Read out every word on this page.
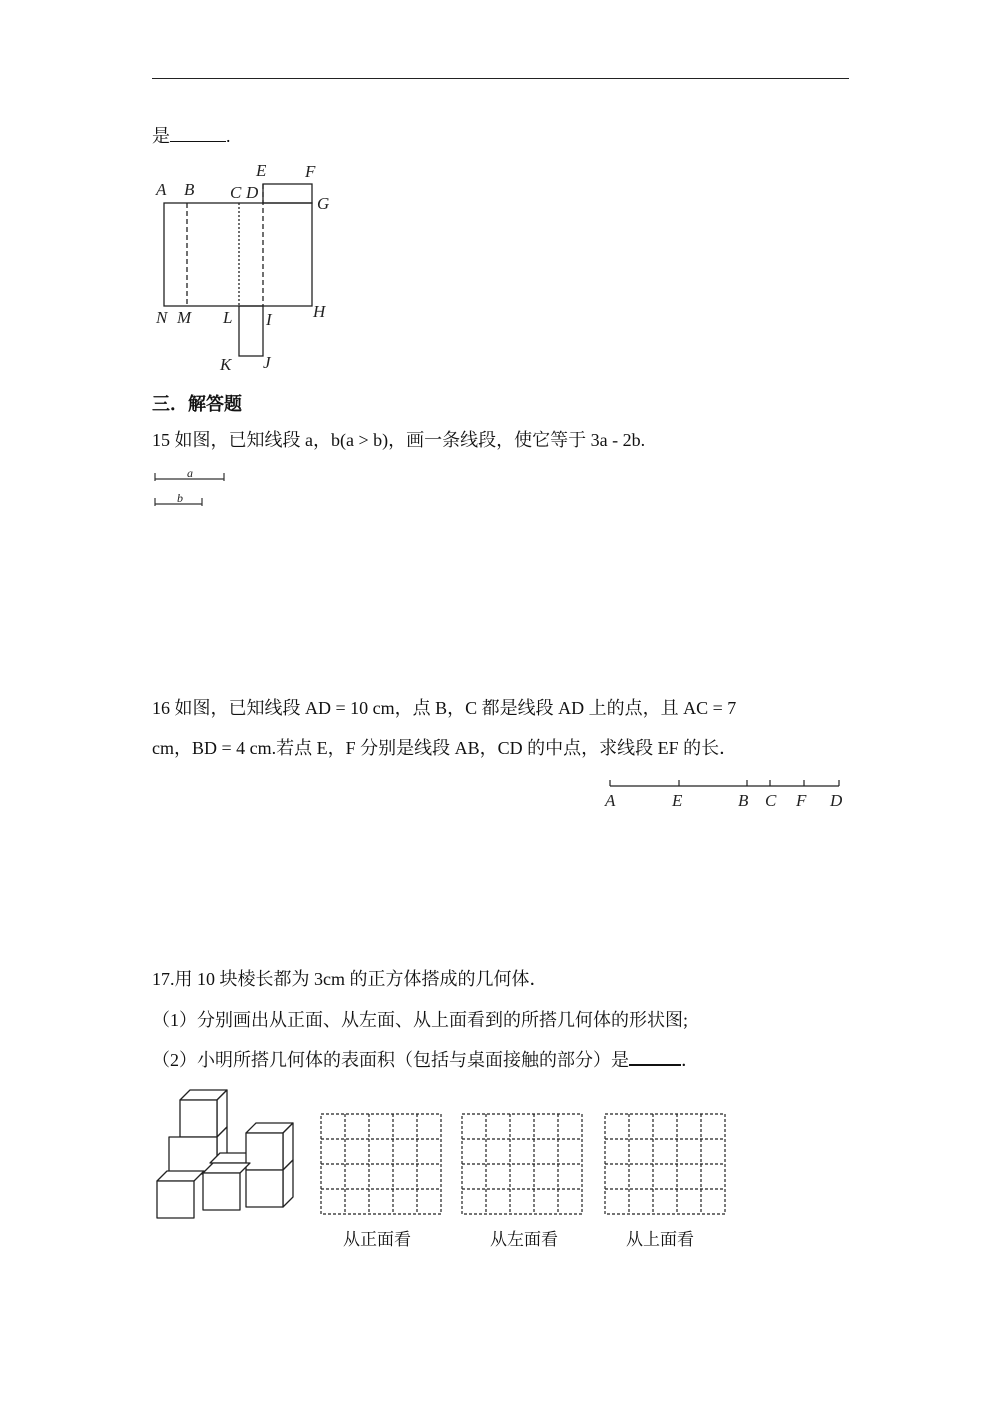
是	.
A B C D
E F
G
H
I
J
K
L
M
N
三．解答题
15 如图，已知线段 a，b(a > b)，画一条线段，使它等于 3a - 2b.
a
b
16 如图，已知线段 AD = 10 cm，点 B，C 都是线段 AD 上的点，且 AC = 7
cm，BD = 4 cm.若点 E，F 分别是线段 AB，CD 的中点，求线段 EF 的长．
A	E	B C F D
17.用 10 块棱长都为 3cm 的正方体搭成的几何体．
（1）分别画出从正面、从左面、从上面看到的所搭几何体的形状图;
（2）小明所搭几何体的表面积（包括与桌面接触的部分）是	．
从正面看	从左面看	从上面看
